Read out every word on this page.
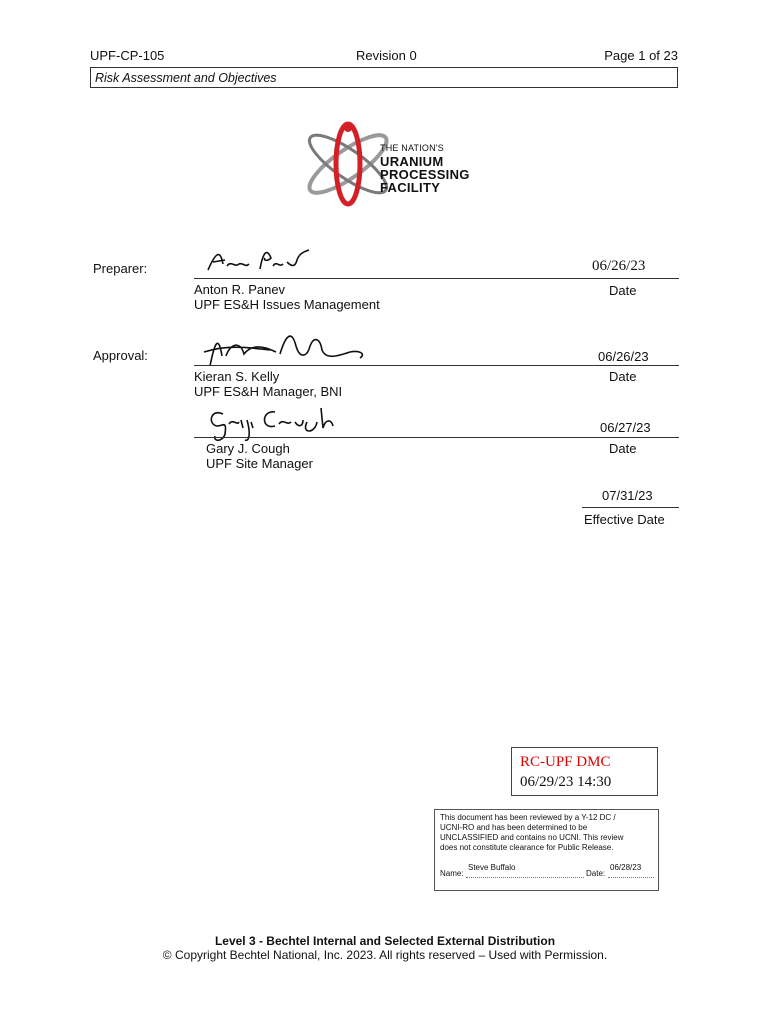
UPF-CP-105	Revision 0	Page 1 of 23
Risk Assessment and Objectives
THE NATION'S
URANIUM
PROCESSING
FACILITY
Preparer:	06/26/23
Anton R. Panev
UPF ES&H Issues Management
Date
Approval:	06/26/23
Kieran S. Kelly
UPF ES&H Manager, BNI
Date
06/27/23
Gary J. Cough
UPF Site Manager
Date
07/31/23
Effective Date
RC-UPF DMC
06/29/23 14:30
This document has been reviewed by a Y-12 DC /
UCNI-RO and has been determined to be
UNCLASSIFIED and contains no UCNI. This review
does not constitute clearance for Public Release.
Name:
Steve Buffalo
Date:
06/28/23
Level 3 - Bechtel Internal and Selected External Distribution
© Copyright Bechtel National, Inc. 2023. All rights reserved – Used with Permission.
